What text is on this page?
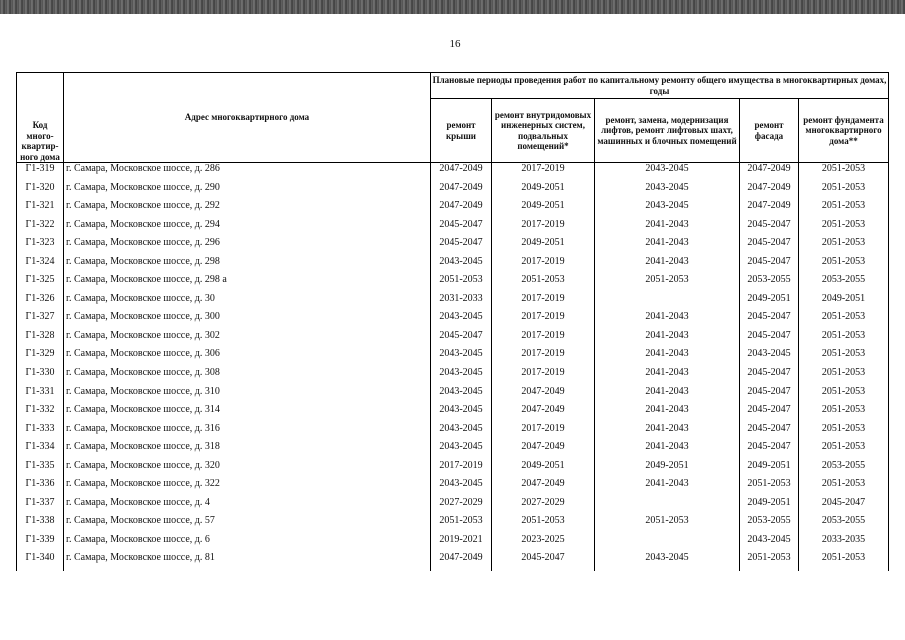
16
Код много-квартир-ного дома	Адрес многоквартирного дома	Плановые периоды проведения работ по капитальному ремонту общего имущества в многоквартирных домах, годы				
		ремонт крыши	ремонт внутридомовых инженерных систем, подвальных помещений*	ремонт, замена, модернизация лифтов, ремонт лифтовых шахт, машинных и блочных помещений	ремонт фасада	ремонт фундамента многоквартирного дома**
Г1-319	г. Самара, Московское шоссе, д. 286	2047-2049	2017-2019	2043-2045	2047-2049	2051-2053
Г1-320	г. Самара, Московское шоссе, д. 290	2047-2049	2049-2051	2043-2045	2047-2049	2051-2053
Г1-321	г. Самара, Московское шоссе, д. 292	2047-2049	2049-2051	2043-2045	2047-2049	2051-2053
Г1-322	г. Самара, Московское шоссе, д. 294	2045-2047	2017-2019	2041-2043	2045-2047	2051-2053
Г1-323	г. Самара, Московское шоссе, д. 296	2045-2047	2049-2051	2041-2043	2045-2047	2051-2053
Г1-324	г. Самара, Московское шоссе, д. 298	2043-2045	2017-2019	2041-2043	2045-2047	2051-2053
Г1-325	г. Самара, Московское шоссе, д. 298 а	2051-2053	2051-2053	2051-2053	2053-2055	2053-2055
Г1-326	г. Самара, Московское шоссе, д. 30	2031-2033	2017-2019		2049-2051	2049-2051
Г1-327	г. Самара, Московское шоссе, д. 300	2043-2045	2017-2019	2041-2043	2045-2047	2051-2053
Г1-328	г. Самара, Московское шоссе, д. 302	2045-2047	2017-2019	2041-2043	2045-2047	2051-2053
Г1-329	г. Самара, Московское шоссе, д. 306	2043-2045	2017-2019	2041-2043	2043-2045	2051-2053
Г1-330	г. Самара, Московское шоссе, д. 308	2043-2045	2017-2019	2041-2043	2045-2047	2051-2053
Г1-331	г. Самара, Московское шоссе, д. 310	2043-2045	2047-2049	2041-2043	2045-2047	2051-2053
Г1-332	г. Самара, Московское шоссе, д. 314	2043-2045	2047-2049	2041-2043	2045-2047	2051-2053
Г1-333	г. Самара, Московское шоссе, д. 316	2043-2045	2017-2019	2041-2043	2045-2047	2051-2053
Г1-334	г. Самара, Московское шоссе, д. 318	2043-2045	2047-2049	2041-2043	2045-2047	2051-2053
Г1-335	г. Самара, Московское шоссе, д. 320	2017-2019	2049-2051	2049-2051	2049-2051	2053-2055
Г1-336	г. Самара, Московское шоссе, д. 322	2043-2045	2047-2049	2041-2043	2051-2053	2051-2053
Г1-337	г. Самара, Московское шоссе, д. 4	2027-2029	2027-2029		2049-2051	2045-2047
Г1-338	г. Самара, Московское шоссе, д. 57	2051-2053	2051-2053	2051-2053	2053-2055	2053-2055
Г1-339	г. Самара, Московское шоссе, д. 6	2019-2021	2023-2025		2043-2045	2033-2035
Г1-340	г. Самара, Московское шоссе, д. 81	2047-2049	2045-2047	2043-2045	2051-2053	2051-2053
